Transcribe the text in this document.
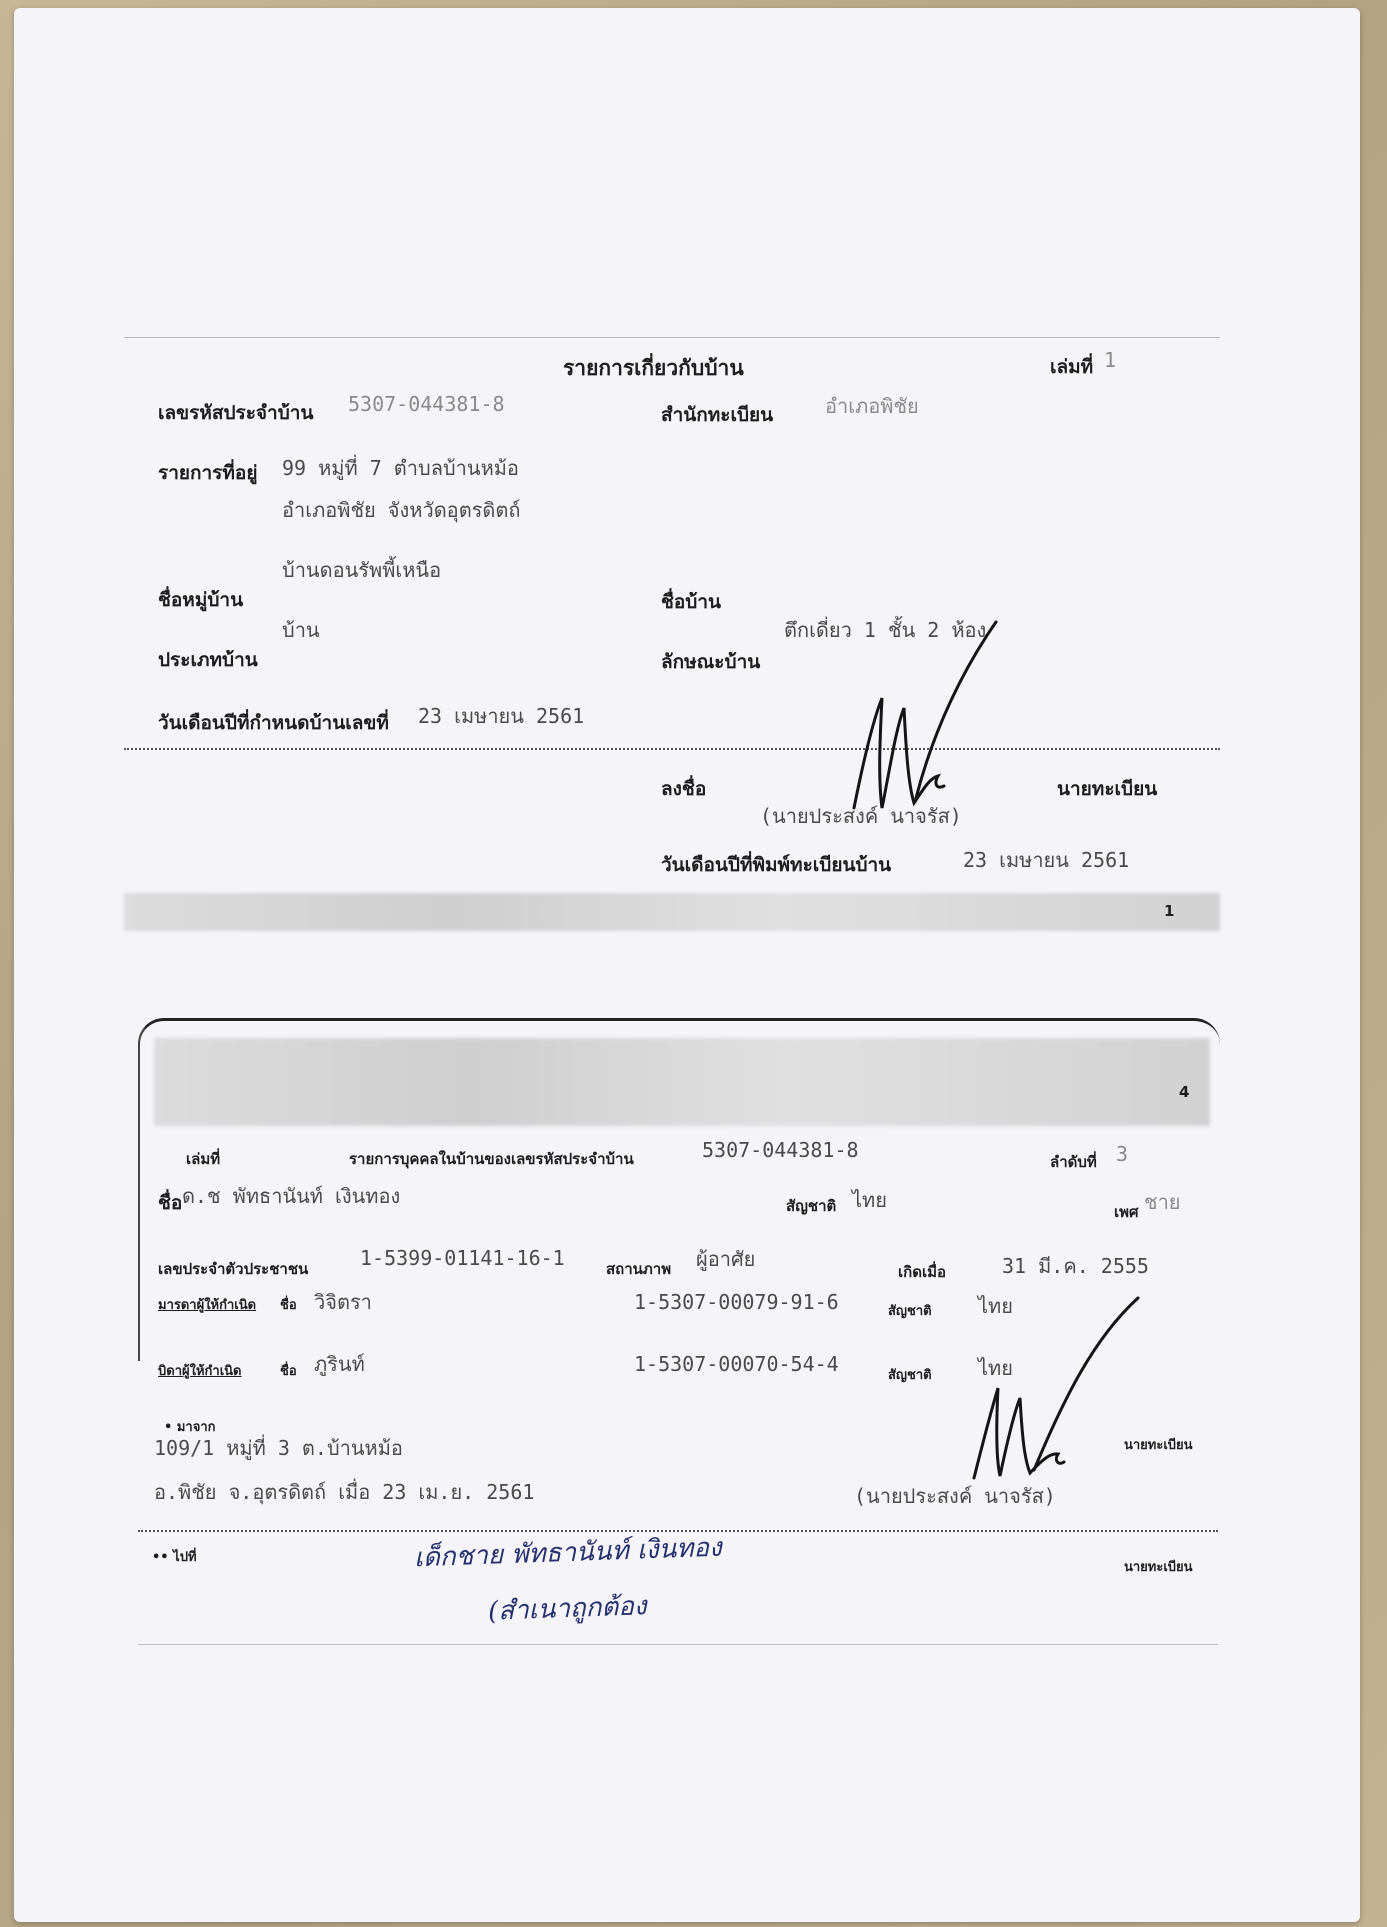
รายการเกี่ยวกับบ้าน	เล่มที่ 1
เลขรหัสประจำบ้าน 5307-044381-8	สำนักทะเบียน	อำเภอพิชัย
รายการที่อยู่ 99 หมู่ที่ 7 ตำบลบ้านหม้อ
อำเภอพิชัย จังหวัดอุตรดิตถ์
บ้านดอนรัพพี้เหนือ
ชื่อหมู่บ้าน	ชื่อบ้าน
บ้าน	ตึกเดี่ยว 1 ชั้น 2 ห้อง
ประเภทบ้าน	ลักษณะบ้าน
วันเดือนปีที่กำหนดบ้านเลขที่ 23 เมษายน 2561
ลงชื่อ	นายทะเบียน
(นายประสงค์ นาจรัส)
วันเดือนปีที่พิมพ์ทะเบียนบ้าน	23 เมษายน 2561
1
4
เล่มที่	รายการบุคคลในบ้านของเลขรหัสประจำบ้าน	5307-044381-8	ลำดับที่ 3
ชื่อ ด.ช พัทธานันท์ เงินทอง	สัญชาติ ไทย	เพศ ชาย
เลขประจำตัวประชาชน	1-5399-01141-16-1	สถานภาพ ผู้อาศัย
เกิดเมื่อ	31 มี.ค. 2555
มารดาผู้ให้กำเนิด ชื่อ วิจิตรา	1-5307-00079-91-6	สัญชาติ ไทย
บิดาผู้ให้กำเนิด	ชื่อ ภูรินท์	1-5307-00070-54-4	สัญชาติ ไทย
• มาจาก
109/1 หมู่ที่ 3 ต.บ้านหม้อ
อ.พิชัย จ.อุตรดิตถ์ เมื่อ 23 เม.ย. 2561
นายทะเบียน
(นายประสงค์ นาจรัส)
•• ไปที่
นายทะเบียน
เด็กชาย พัทธานันท์ เงินทอง
(สำเนาถูกต้อง
